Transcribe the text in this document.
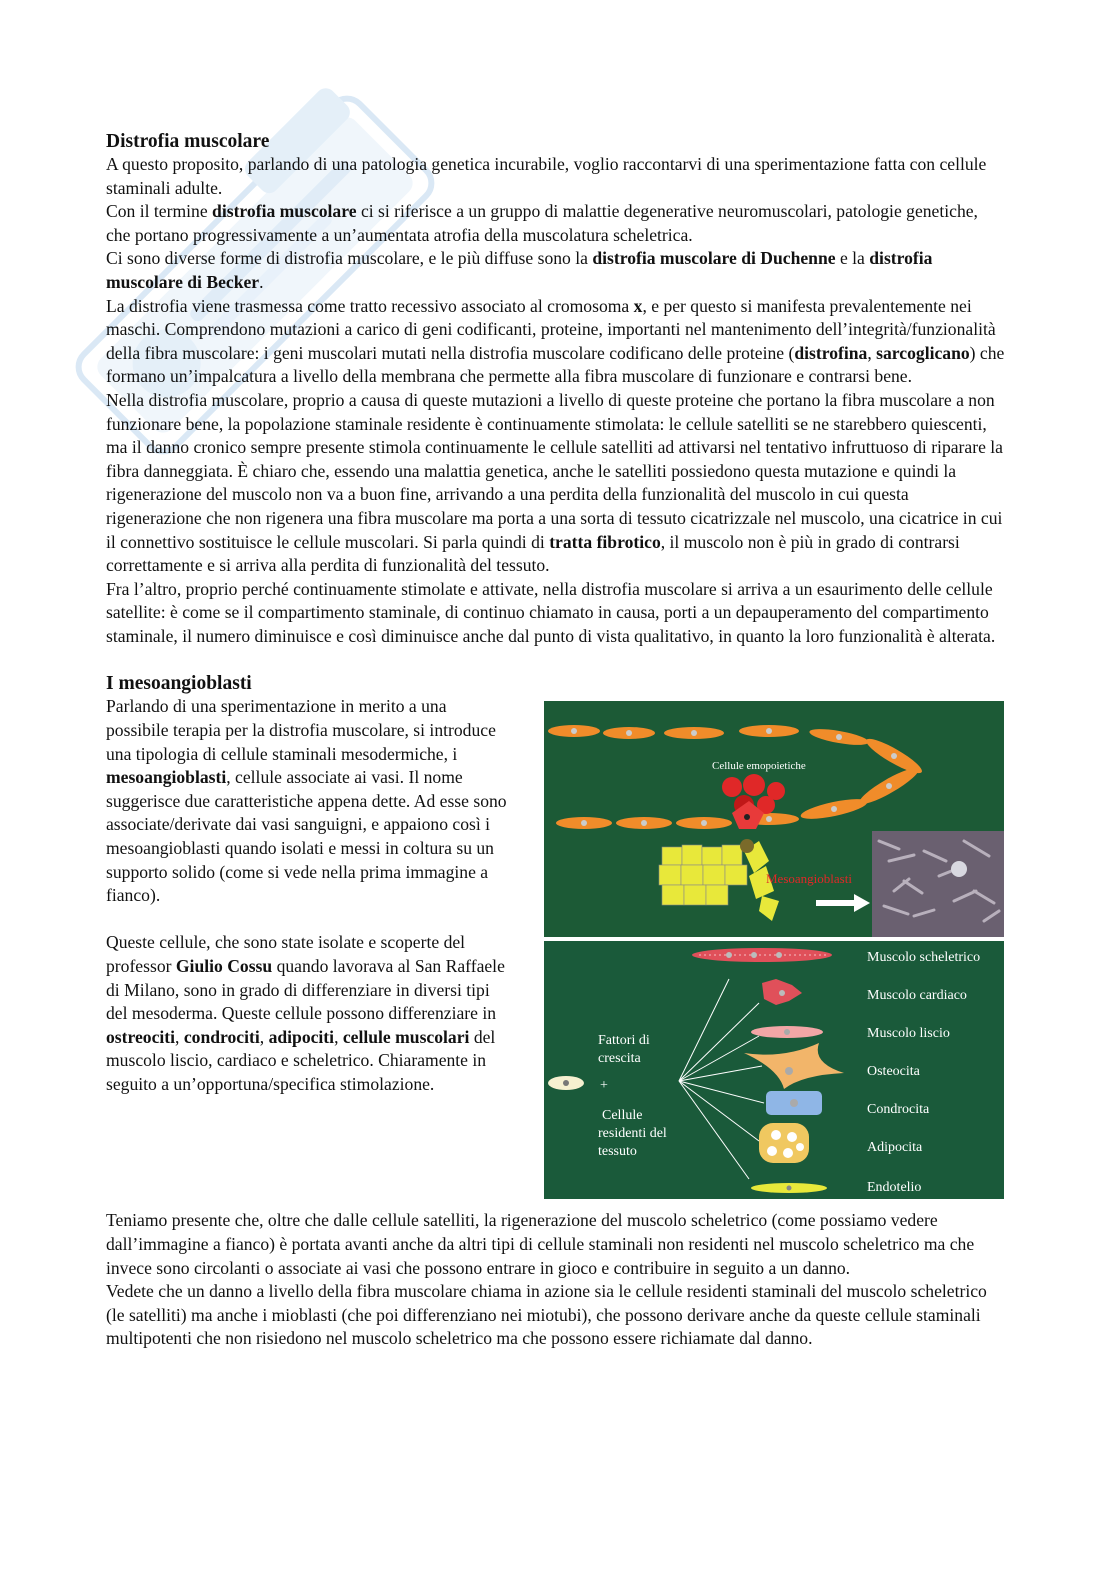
Distrofia muscolare

A questo proposito, parlando di una patologia genetica incurabile, voglio raccontarvi di una sperimentazione fatta con cellule staminali adulte.

Con il termine distrofia muscolare ci si riferisce a un gruppo di malattie degenerative neuromuscolari, patologie genetiche, che portano progressivamente a un’aumentata atrofia della muscolatura scheletrica.

Ci sono diverse forme di distrofia muscolare, e le più diffuse sono la distrofia muscolare di Duchenne e la distrofia muscolare di Becker.

La distrofia viene trasmessa come tratto recessivo associato al cromosoma x, e per questo si manifesta prevalentemente nei maschi. Comprendono mutazioni a carico di geni codificanti, proteine, importanti nel mantenimento dell’integrità/funzionalità della fibra muscolare: i geni muscolari mutati nella distrofia muscolare codificano delle proteine (distrofina, sarcoglicano) che formano un’impalcatura a livello della membrana che permette alla fibra muscolare di funzionare e contrarsi bene.

Nella distrofia muscolare, proprio a causa di queste mutazioni a livello di queste proteine che portano la fibra muscolare a non funzionare bene, la popolazione staminale residente è continuamente stimolata: le cellule satelliti se ne starebbero quiescenti, ma il danno cronico sempre presente stimola continuamente le cellule satelliti ad attivarsi nel tentativo infruttuoso di riparare la fibra danneggiata. È chiaro che, essendo una malattia genetica, anche le satelliti possiedono questa mutazione e quindi la rigenerazione del muscolo non va a buon fine, arrivando a una perdita della funzionalità del muscolo in cui questa rigenerazione che non rigenera una fibra muscolare ma porta a una sorta di tessuto cicatrizzale nel muscolo, una cicatrice in cui il connettivo sostituisce le cellule muscolari. Si parla quindi di tratta fibrotico, il muscolo non è più in grado di contrarsi correttamente e si arriva alla perdita di funzionalità del tessuto.

Fra l’altro, proprio perché continuamente stimolate e attivate, nella distrofia muscolare si arriva a un esaurimento delle cellule satellite: è come se il compartimento staminale, di continuo chiamato in causa, porti a un depauperamento del compartimento staminale, il numero diminuisce e così diminuisce anche dal punto di vista qualitativo, in quanto la loro funzionalità è alterata.

I mesoangioblasti

Parlando di una sperimentazione in merito a una possibile terapia per la distrofia muscolare, si introduce una tipologia di cellule staminali mesodermiche, i mesoangioblasti, cellule associate ai vasi. Il nome suggerisce due caratteristiche appena dette. Ad esse sono associate/derivate dai vasi sanguigni, e appaiono così i mesoangioblasti quando isolati e messi in coltura su un supporto solido (come si vede nella prima immagine a fianco).

Queste cellule, che sono state isolate e scoperte del professor Giulio Cossu quando lavorava al San Raffaele di Milano, sono in grado di differenziare in diversi tipi del mesoderma. Queste cellule possono differenziare in ostreociti, condrociti, adipociti, cellule muscolari del muscolo liscio, cardiaco e scheletrico. Chiaramente in seguito a un’opportuna/specifica stimolazione.

Cellule emopoietiche
Mesoangioblasti
Fattori di
crescita
+
Cellule
residenti del
tessuto
Muscolo scheletrico
Muscolo cardiaco
Muscolo liscio
Osteocita
Condrocita
Adipocita
Endotelio

Teniamo presente che, oltre che dalle cellule satelliti, la rigenerazione del muscolo scheletrico (come possiamo vedere dall’immagine a fianco) è portata avanti anche da altri tipi di cellule staminali non residenti nel muscolo scheletrico ma che invece sono circolanti o associate ai vasi che possono entrare in gioco e contribuire in seguito a un danno.

Vedete che un danno a livello della fibra muscolare chiama in azione sia le cellule residenti staminali del muscolo scheletrico (le satelliti) ma anche i mioblasti (che poi differenziano nei miotubi), che possono derivare anche da queste cellule staminali multipotenti che non risiedono nel muscolo scheletrico ma che possono essere richiamate dal danno.
